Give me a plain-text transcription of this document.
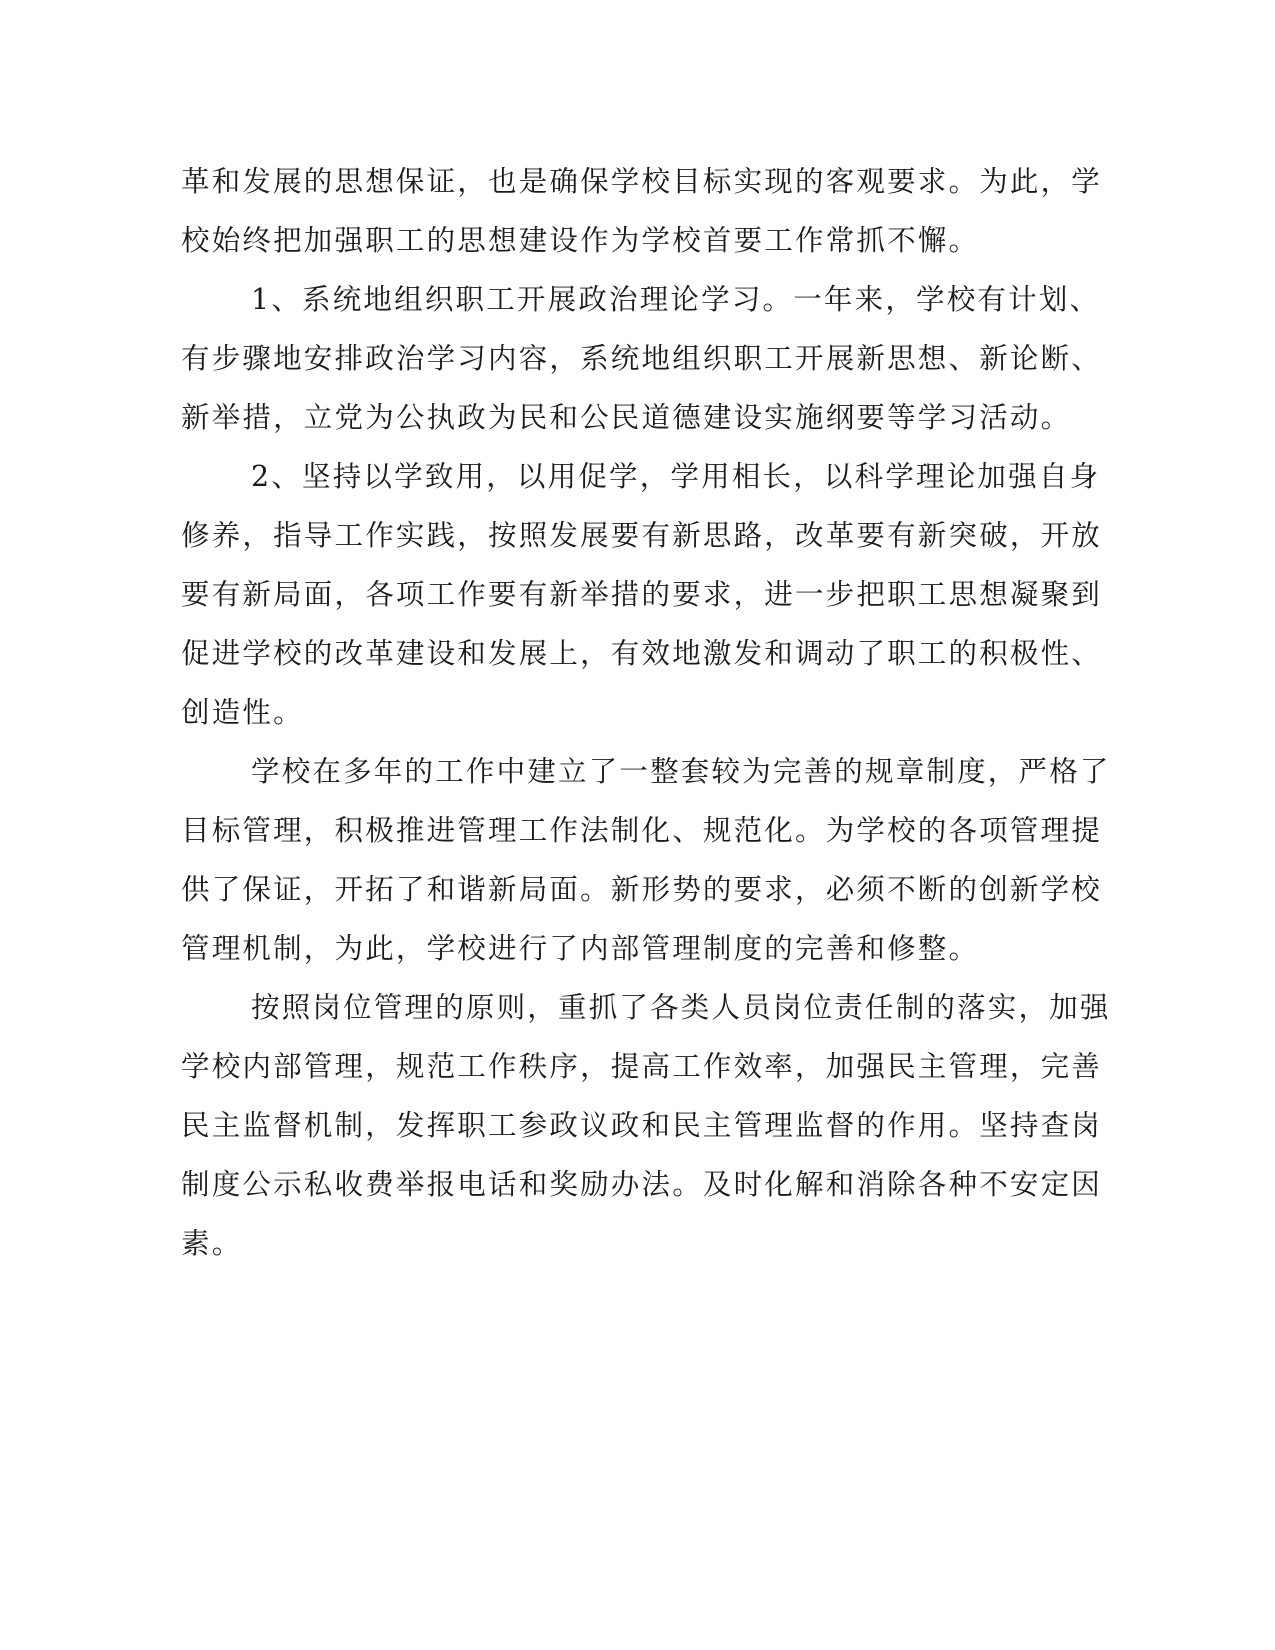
革和发展的思想保证，也是确保学校目标实现的客观要求。为此，学
校始终把加强职工的思想建设作为学校首要工作常抓不懈。
1、系统地组织职工开展政治理论学习。一年来，学校有计划、
有步骤地安排政治学习内容，系统地组织职工开展新思想、新论断、
新举措，立党为公执政为民和公民道德建设实施纲要等学习活动。
2、坚持以学致用，以用促学，学用相长，以科学理论加强自身
修养，指导工作实践，按照发展要有新思路，改革要有新突破，开放
要有新局面，各项工作要有新举措的要求，进一步把职工思想凝聚到
促进学校的改革建设和发展上，有效地激发和调动了职工的积极性、
创造性。
学校在多年的工作中建立了一整套较为完善的规章制度，严格了
目标管理，积极推进管理工作法制化、规范化。为学校的各项管理提
供了保证，开拓了和谐新局面。新形势的要求，必须不断的创新学校
管理机制，为此，学校进行了内部管理制度的完善和修整。
按照岗位管理的原则，重抓了各类人员岗位责任制的落实，加强
学校内部管理，规范工作秩序，提高工作效率，加强民主管理，完善
民主监督机制，发挥职工参政议政和民主管理监督的作用。坚持查岗
制度公示私收费举报电话和奖励办法。及时化解和消除各种不安定因
素。
